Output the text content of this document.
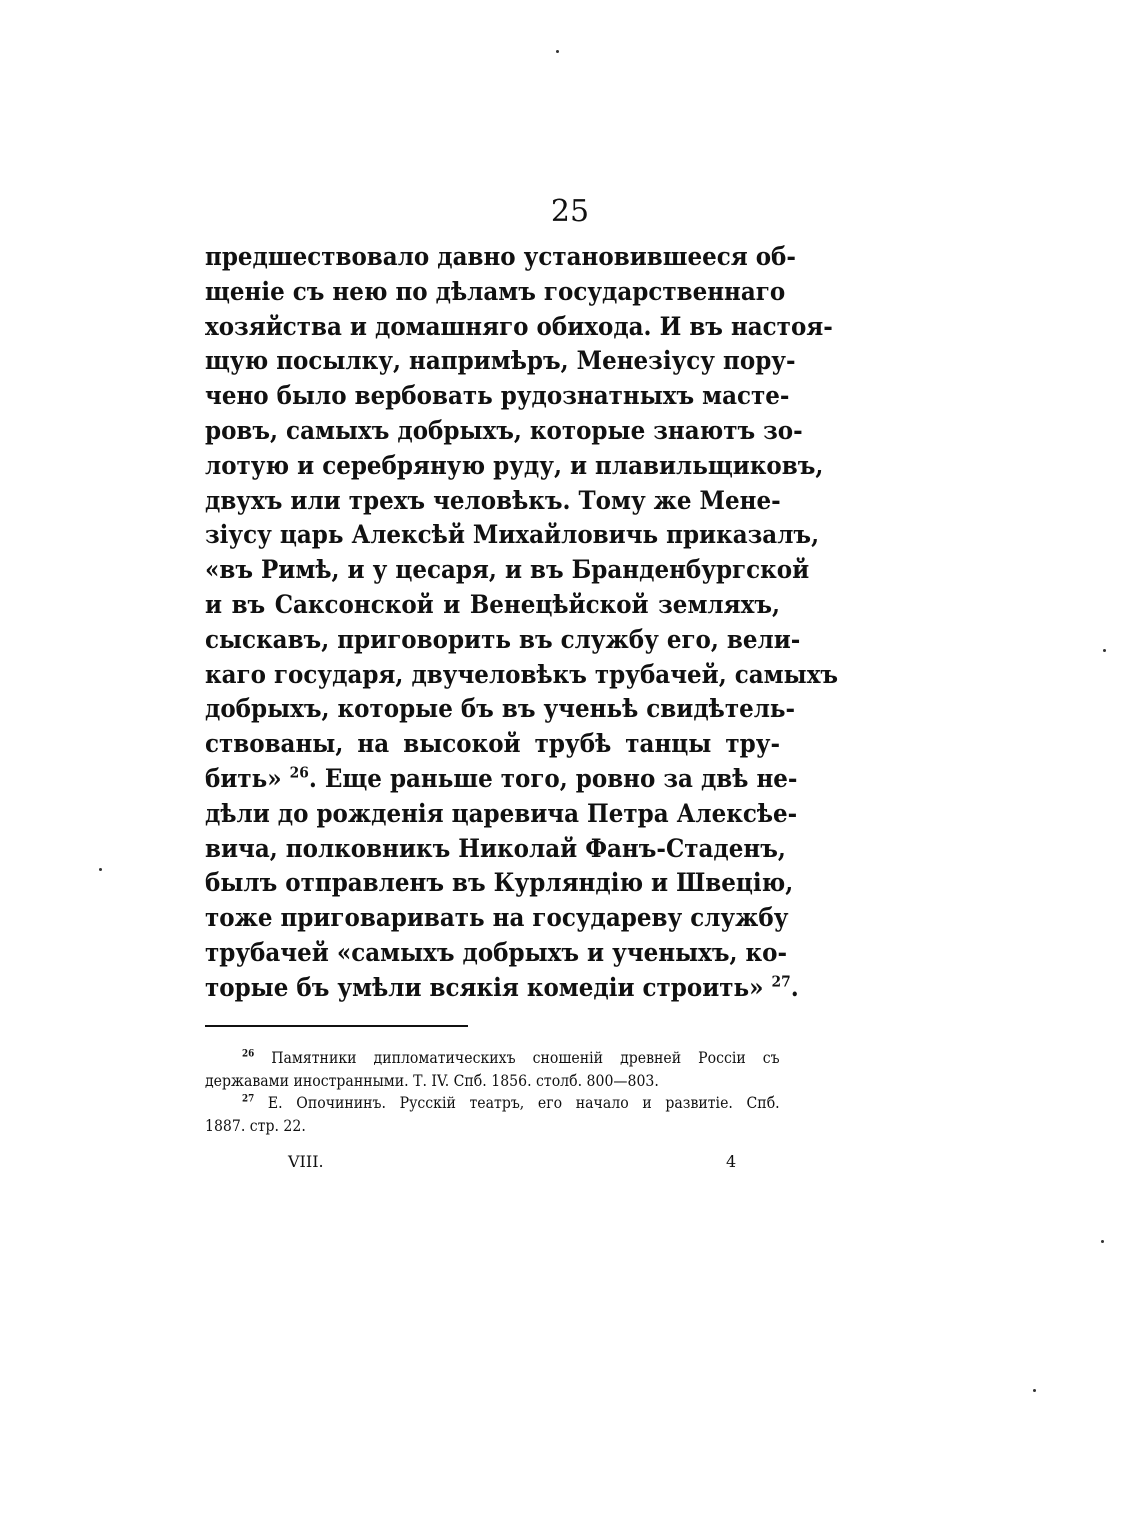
25
предшествовало давно установившееся об-
щеніе съ нею по дѣламъ государственнаго
хозяйства и домашняго обихода. И въ настоя-
щую посылку, напримѣръ, Менезіусу пору-
чено было вербовать рудознатныхъ масте-
ровъ, самыхъ добрыхъ, которые знаютъ зо-
лотую и серебряную руду, и плавильщиковъ,
двухъ или трехъ человѣкъ. Тому же Мене-
зіусу царь Алексѣй Михайловичь приказалъ,
«въ Римѣ, и у цесаря, и въ Бранденбургской
и въ Саксонской и Венецѣйской земляхъ,
сыскавъ, приговорить въ службу его, вели-
каго государя, двучеловѣкъ трубачей, самыхъ
добрыхъ, которые бъ въ ученьѣ свидѣтель-
ствованы, на высокой трубѣ танцы тру-
бить» $^{26}$. Еще раньше того, ровно за двѣ не-
дѣли до рожденія царевича Петра Алексѣе-
вича, полковникъ Николай Фанъ-Стаденъ,
былъ отправленъ въ Курляндію и Швецію,
тоже приговаривать на государеву службу
трубачей «самыхъ добрыхъ и ученыхъ, ко-
торые бъ умѣли всякія комедіи строить» $^{27}$.
$^{26}$ Памятники дипломатическихъ сношеній древней Россіи съ
державами иностранными. Т. IV. Спб. 1856. столб. 800—803.
$^{27}$ Е. Опочининъ. Русскій театръ, его начало и развитіе. Спб.
1887. стр. 22.
VIII.	4
